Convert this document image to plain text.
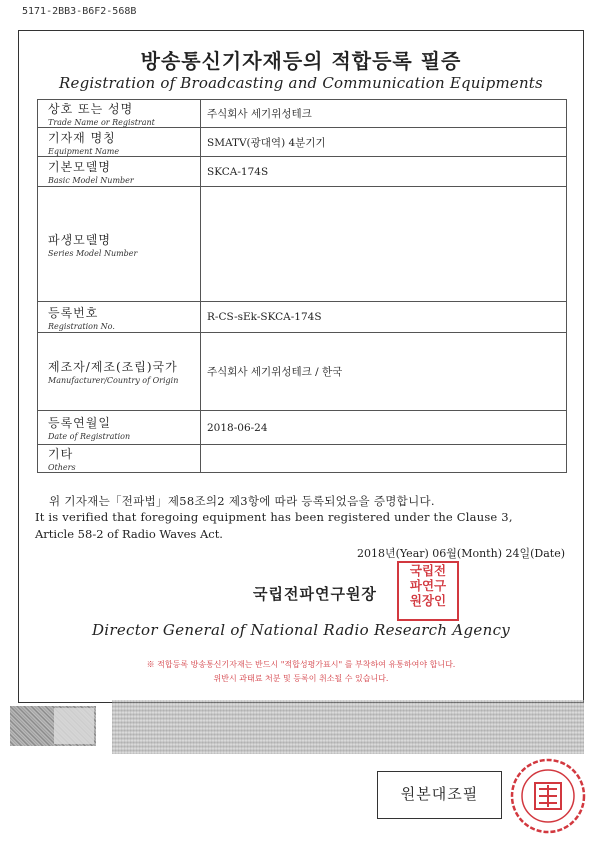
5171-2BB3-B6F2-568B
방송통신기자재등의 적합등록 필증
Registration of Broadcasting and Communication Equipments
상호 또는 성명
Trade Name or Registrant	주식회사 세기위성테크

기자재 명칭
Equipment Name	SMATV(광대역) 4분기기

기본모델명
Basic Model Number	SKCA-174S

파생모델명
Series Model Number	

등록번호
Registration No.	R-CS-sEk-SKCA-174S

제조자/제조(조립)국가
Manufacturer/Country of Origin	주식회사 세기위성테크 / 한국

등록연월일
Date of Registration	2018-06-24

기타
Others	

위 기자재는「전파법」제58조의2 제3항에 따라 등록되었음을 증명합니다.
It is verified that foregoing equipment has been registered under the Clause 3,
Article 58-2 of Radio Waves Act.
2018년(Year) 06월(Month) 24일(Date)
국립전파연구원장
국립전
파연구
원장인
Director General of National Radio Research Agency
※ 적합등록 방송통신기자재는 반드시 "적합성평가표시" 를 부착하여 유통하여야 합니다.
위반시 과태료 처분 및 등록이 취소될 수 있습니다.
원본대조필
